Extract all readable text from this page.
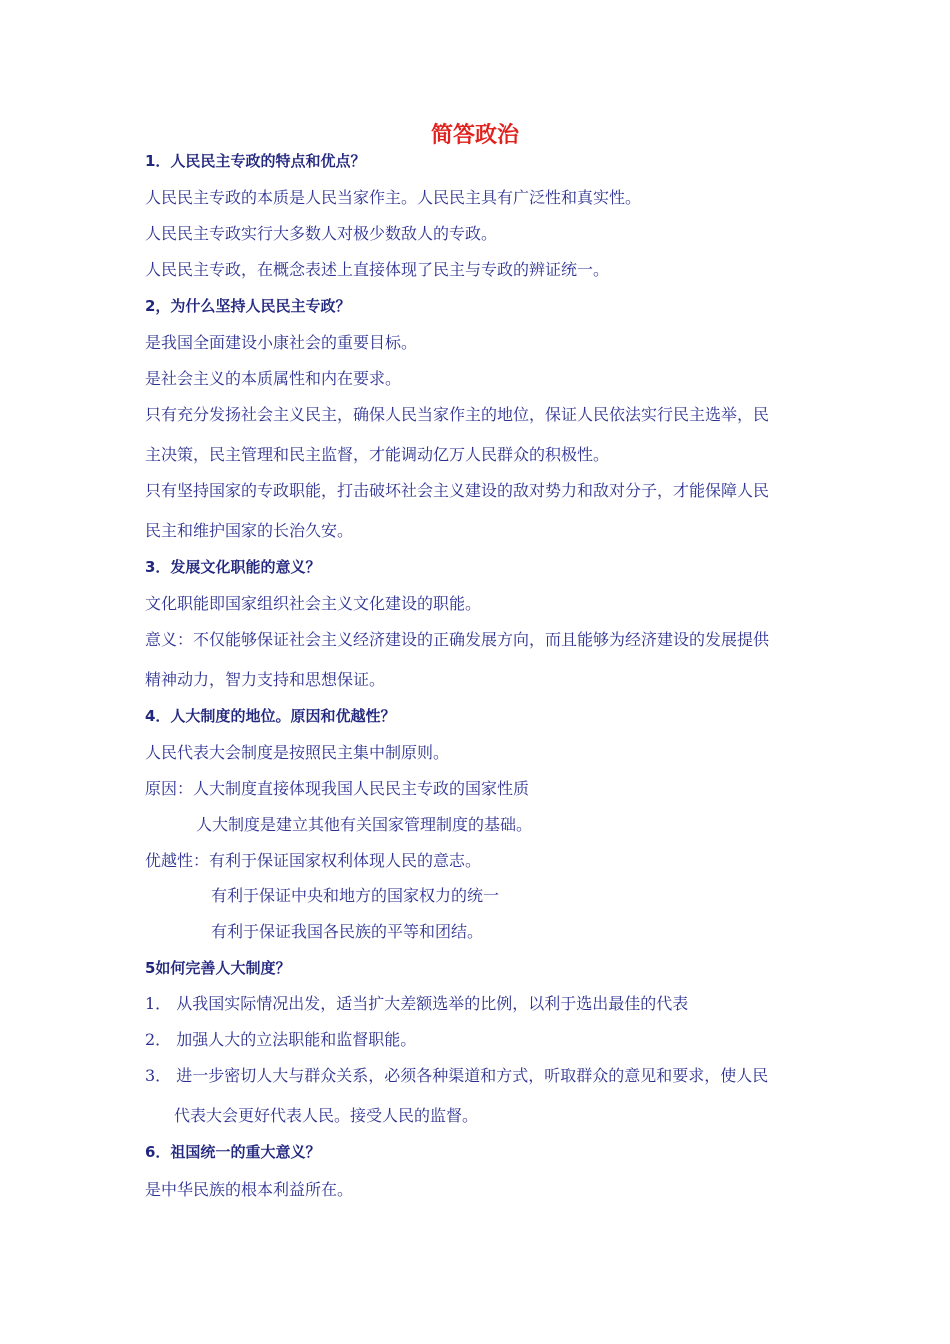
简答政治
1．人民民主专政的特点和优点？
人民民主专政的本质是人民当家作主。人民民主具有广泛性和真实性。
人民民主专政实行大多数人对极少数敌人的专政。
人民民主专政，在概念表述上直接体现了民主与专政的辨证统一。
2，为什么坚持人民民主专政？
是我国全面建设小康社会的重要目标。
是社会主义的本质属性和内在要求。
只有充分发扬社会主义民主，确保人民当家作主的地位，保证人民依法实行民主选举，民
主决策，民主管理和民主监督，才能调动亿万人民群众的积极性。
只有坚持国家的专政职能，打击破坏社会主义建设的敌对势力和敌对分子，才能保障人民
民主和维护国家的长治久安。
3．发展文化职能的意义？
文化职能即国家组织社会主义文化建设的职能。
意义：不仅能够保证社会主义经济建设的正确发展方向，而且能够为经济建设的发展提供
精神动力，智力支持和思想保证。
4．人大制度的地位。原因和优越性？
人民代表大会制度是按照民主集中制原则。
原因：人大制度直接体现我国人民民主专政的国家性质
人大制度是建立其他有关国家管理制度的基础。
优越性：有利于保证国家权利体现人民的意志。
有利于保证中央和地方的国家权力的统一
有利于保证我国各民族的平等和团结。
5如何完善人大制度？
1． 从我国实际情况出发，适当扩大差额选举的比例，以利于选出最佳的代表
2． 加强人大的立法职能和监督职能。
3． 进一步密切人大与群众关系，必须各种渠道和方式，听取群众的意见和要求，使人民
代表大会更好代表人民。接受人民的监督。
6．祖国统一的重大意义？
是中华民族的根本利益所在。
